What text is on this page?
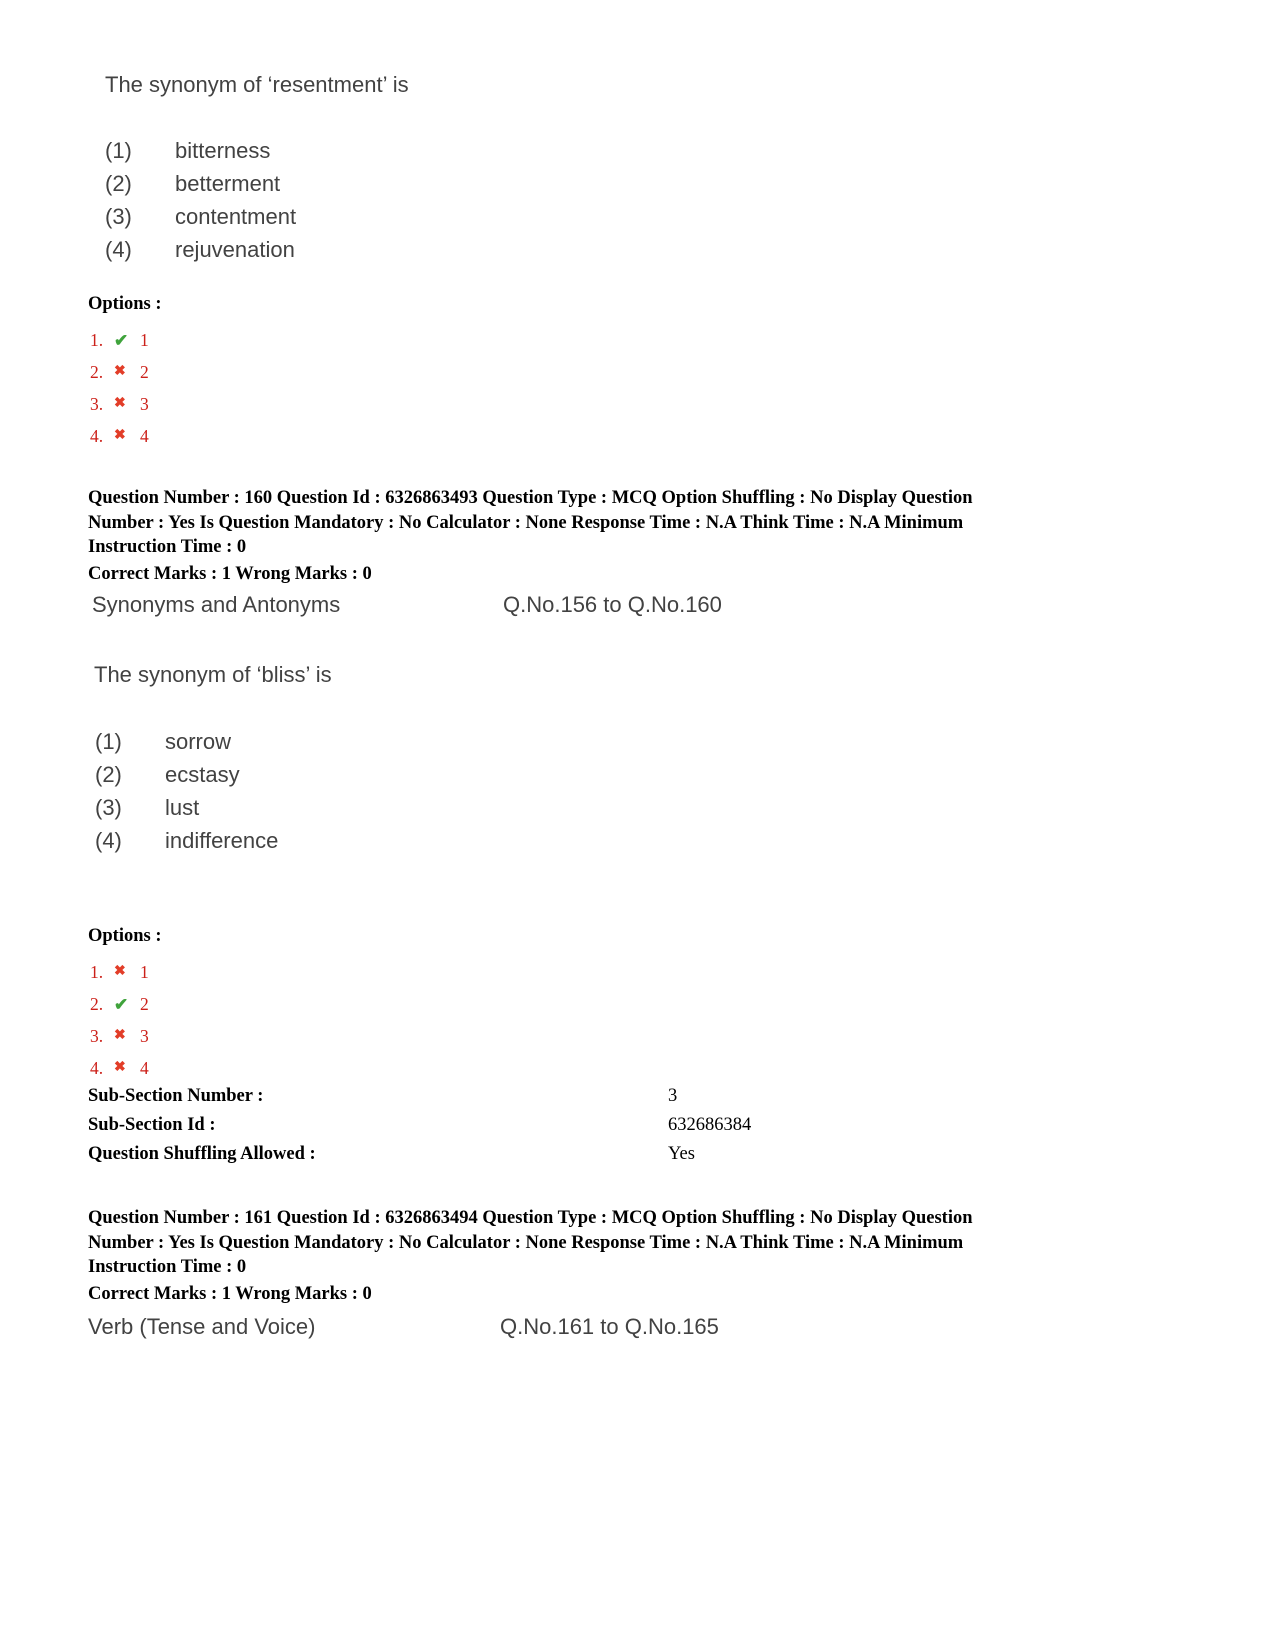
The synonym of ‘resentment’ is
(1)	bitterness
(2)	betterment
(3)	contentment
(4)	rejuvenation
Options :
1. ✔ 1
2. ✖ 2
3. ✖ 3
4. ✖ 4
Question Number : 160 Question Id : 6326863493 Question Type : MCQ Option Shuffling : No Display Question
Number : Yes Is Question Mandatory : No Calculator : None Response Time : N.A Think Time : N.A Minimum
Instruction Time : 0
Correct Marks : 1 Wrong Marks : 0
Synonyms and Antonyms	Q.No.156 to Q.No.160
The synonym of ‘bliss’ is
(1)	sorrow
(2)	ecstasy
(3)	lust
(4)	indifference
Options :
1. ✖ 1
2. ✔ 2
3. ✖ 3
4. ✖ 4
Sub-Section Number :	3
Sub-Section Id :	632686384
Question Shuffling Allowed :	Yes
Question Number : 161 Question Id : 6326863494 Question Type : MCQ Option Shuffling : No Display Question
Number : Yes Is Question Mandatory : No Calculator : None Response Time : N.A Think Time : N.A Minimum
Instruction Time : 0
Correct Marks : 1 Wrong Marks : 0
Verb (Tense and Voice)	Q.No.161 to Q.No.165
